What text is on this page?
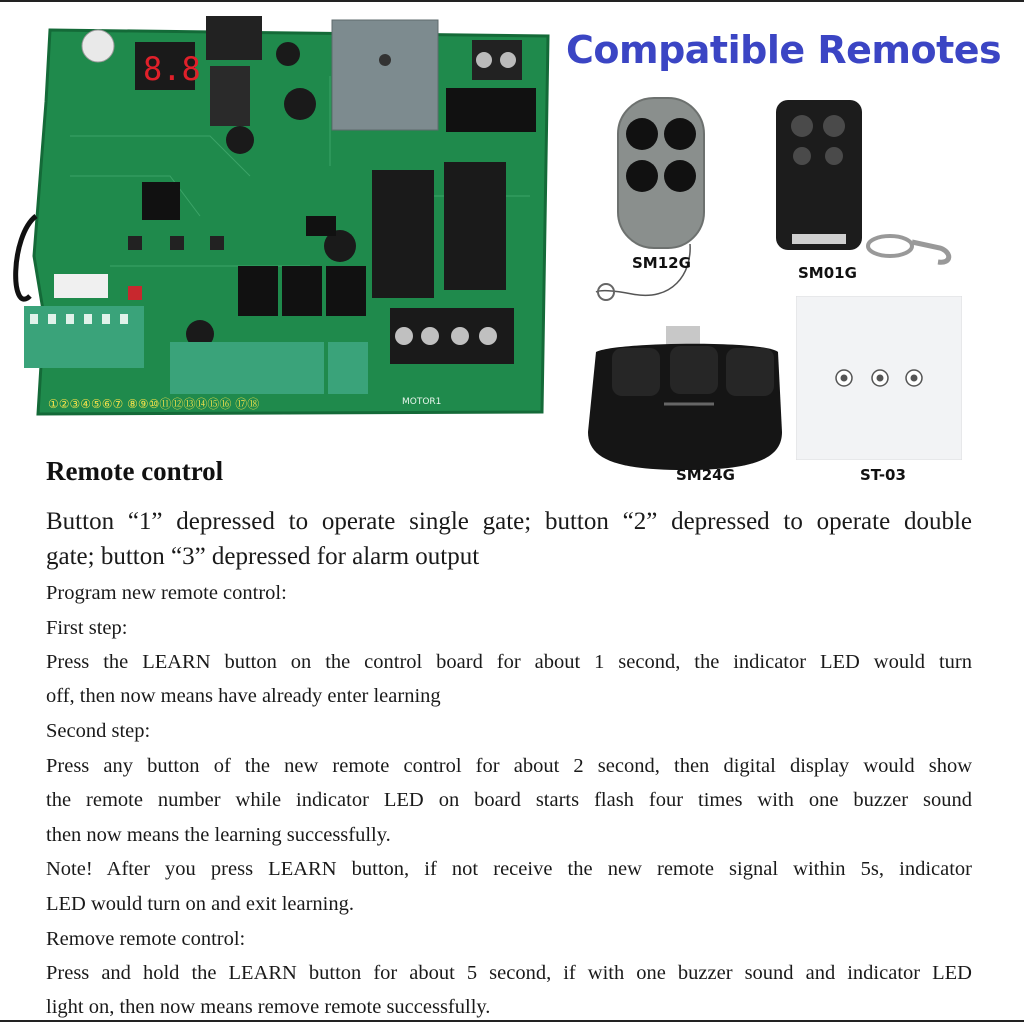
8.8
①②③④⑤⑥⑦ ⑧⑨⑩⑪⑫⑬⑭⑮⑯ ⑰⑱	MOTOR1
Compatible Remotes
SM12G
SM01G
SM24G	ST-03
Remote control
Button “1” depressed to operate single gate; button “2” depressed to operate double
gate; button “3” depressed for alarm output
Program new remote control:
First step:
Press the LEARN button on the control board for about 1 second, the indicator LED would turn
off, then now means have already enter learning
Second step:
Press any button of the new remote control for about 2 second, then digital display would show
the remote number while indicator LED on board starts flash four times with one buzzer sound
then now means the learning successfully.
Note! After you press LEARN button, if not receive the new remote signal within 5s, indicator
LED would turn on and exit learning.
Remove remote control:
Press and hold the LEARN button for about 5 second, if with one buzzer sound and indicator LED
light on, then now means remove remote successfully.
